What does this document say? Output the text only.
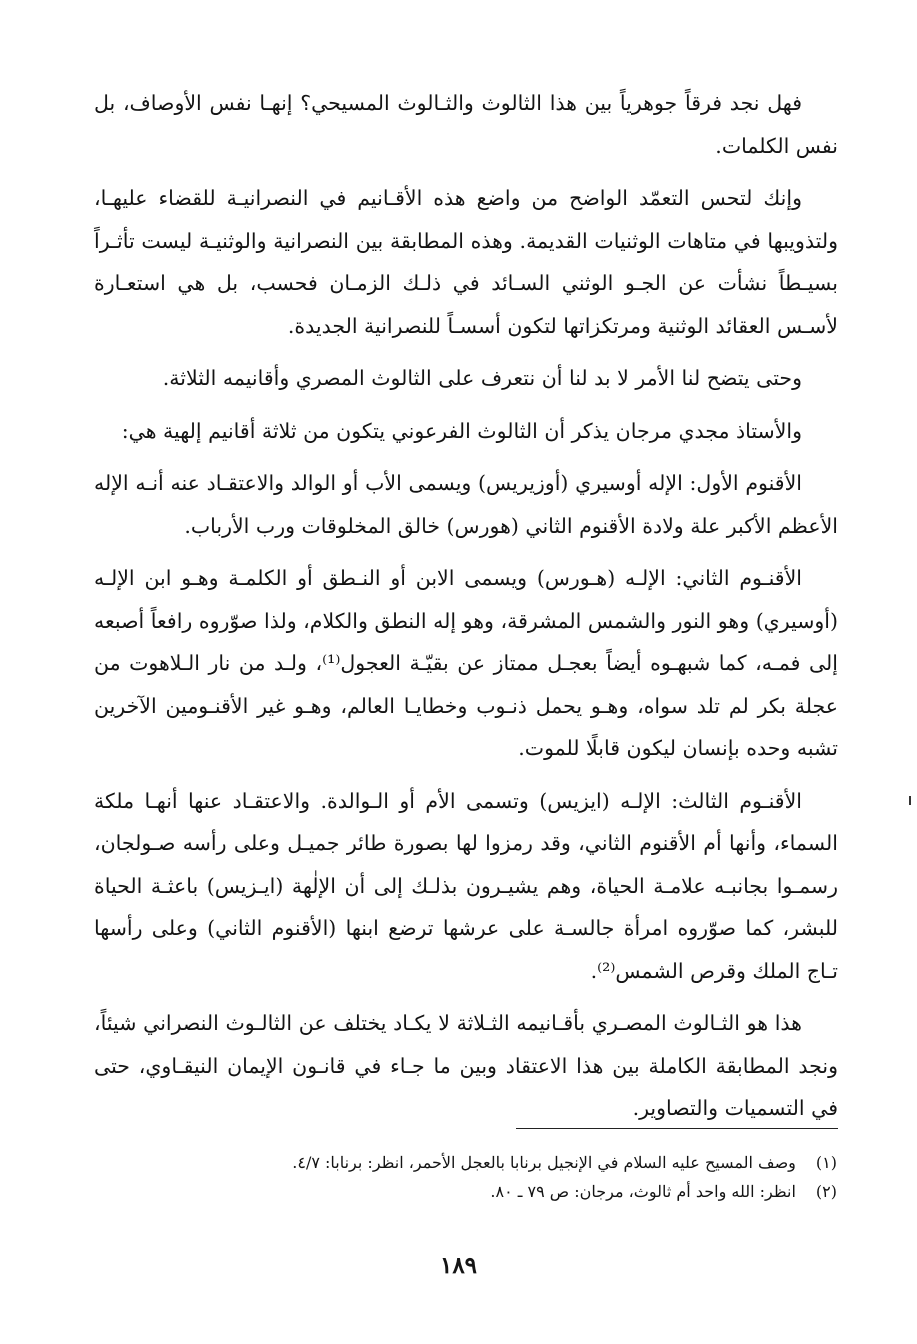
فهل نجد فرقاً جوهرياً بين هذا الثالوث والثـالوث المسيحي؟ إنهـا نفس الأوصاف، بل نفس الكلمات.

وإنك لتحس التعمّد الواضح من واضع هذه الأقـانيم في النصرانيـة للقضاء عليهـا، ولتذويبها في متاهات الوثنيات القديمة. وهذه المطابقة بين النصرانية والوثنيـة ليست تأثـراً بسيـطاً نشأت عن الجـو الوثني السـائد في ذلـك الزمـان فحسب، بل هي استعـارة لأسـس العقائد الوثنية ومرتكزاتها لتكون أسسـاً للنصرانية الجديدة.

وحتى يتضح لنا الأمر لا بد لنا أن نتعرف على الثالوث المصري وأقانيمه الثلاثة.

والأستاذ مجدي مرجان يذكر أن الثالوث الفرعوني يتكون من ثلاثة أقانيم إلهية هي:

الأقنوم الأول: الإله أوسيري (أوزيريس) ويسمى الأب أو الوالد والاعتقـاد عنه أنـه الإله الأعظم الأكبر علة ولادة الأقنوم الثاني (هورس) خالق المخلوقات ورب الأرباب.

الأقنـوم الثاني: الإلـه (هـورس) ويسمى الابن أو النـطق أو الكلمـة وهـو ابن الإلـه (أوسيري) وهو النور والشمس المشرقة، وهو إله النطق والكلام، ولذا صوّروه رافعاً أصبعه إلى فمـه، كما شبهـوه أيضاً بعجـل ممتاز عن بقيّـة العجول⁽¹⁾، ولـد من نار الـلاهوت من عجلة بكر لم تلد سواه، وهـو يحمل ذنـوب وخطايـا العالم، وهـو غير الأقنـومين الآخرين تشبه وحده بإنسان ليكون قابلًا للموت.

الأقنـوم الثالث: الإلـه (ايزيس) وتسمى الأم أو الـوالدة. والاعتقـاد عنها أنهـا ملكة السماء، وأنها أم الأقنوم الثاني، وقد رمزوا لها بصورة طائر جميـل وعلى رأسه صـولجان، رسمـوا بجانبـه علامـة الحياة، وهم يشيـرون بذلـك إلى أن الإلٰهة (ايـزيس) باعثـة الحياة للبشر، كما صوّروه امرأة جالسـة على عرشها ترضع ابنها (الأقنوم الثاني) وعلى رأسها تـاج الملك وقرص الشمس⁽²⁾.

هذا هو الثـالوث المصـري بأقـانيمه الثـلاثة لا يكـاد يختلف عن الثالـوث النصراني شيئاً، ونجد المطابقة الكاملة بين هذا الاعتقاد وبين ما جـاء في قانـون الإيمان النيقـاوي، حتى في التسميات والتصاوير.

(١) وصف المسيح عليه السلام في الإنجيل برنابا بالعجل الأحمر، انظر: برنابا: ٤/٧.

(٢) انظر: الله واحد أم ثالوث، مرجان: ص ٧٩ ـ ٨٠.

١٨٩
